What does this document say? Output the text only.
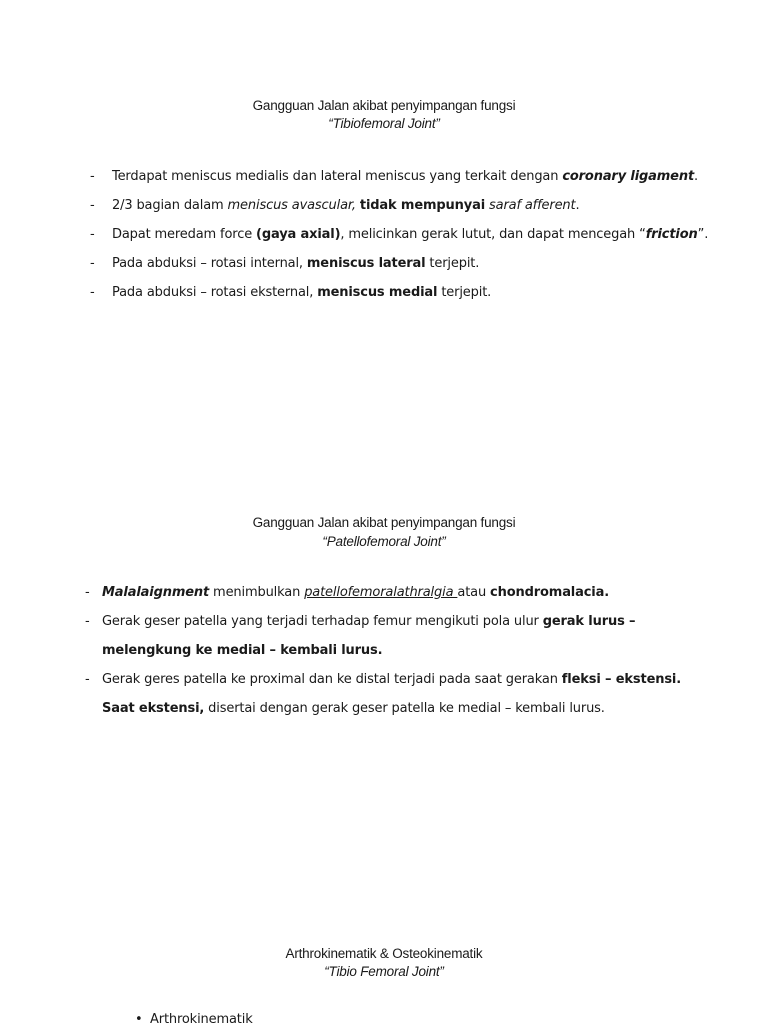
Gangguan Jalan akibat penyimpangan fungsi
“Tibiofemoral Joint”
- Terdapat meniscus medialis dan lateral meniscus yang terkait dengan coronary ligament.
- 2/3 bagian dalam meniscus avascular, tidak mempunyai saraf afferent.
- Dapat meredam force (gaya axial), melicinkan gerak lutut, dan dapat mencegah “friction”.
- Pada abduksi – rotasi internal, meniscus lateral terjepit.
- Pada abduksi – rotasi eksternal, meniscus medial terjepit.
Gangguan Jalan akibat penyimpangan fungsi
“Patellofemoral Joint”
- Malalaignment menimbulkan patellofemoralathralgia atau chondromalacia.
- Gerak geser patella yang terjadi terhadap femur mengikuti pola ulur gerak lurus –
melengkung ke medial – kembali lurus.
- Gerak geres patella ke proximal dan ke distal terjadi pada saat gerakan fleksi – ekstensi.
Saat ekstensi, disertai dengan gerak geser patella ke medial – kembali lurus.
Arthrokinematik & Osteokinematik
“Tibio Femoral Joint”
• Arthrokinematik
